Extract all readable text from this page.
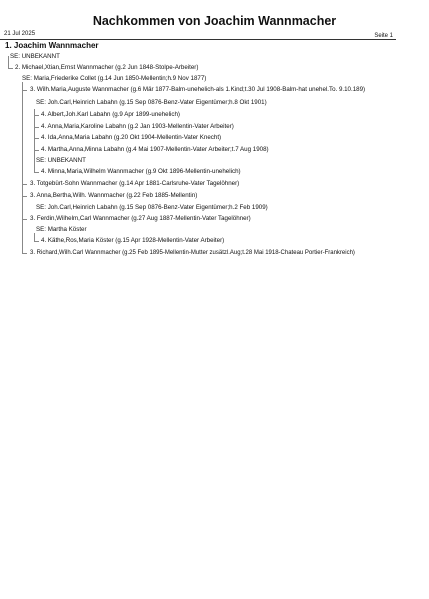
Nachkommen von Joachim Wannmacher
21 Jul 2025	Seite 1
1. Joachim Wannmacher
SE: UNBEKANNT
2. Michael,Xtian,Ernst Wannmacher (g.2 Jun 1848-Stolpe-Arbeiter)
SE: Maria,Friederike Collet (g.14 Jun 1850-Mellentin;h.9 Nov 1877)
3. Wilh.Maria,Auguste Wannmacher (g.6 Mär 1877-Balm-unehelich-als 1.Kind;t.30 Jul 1908-Balm-hat unehel.To. 9.10.189)
SE: Joh.Carl,Heinrich Labahn (g.15 Sep 0876-Benz-Vater Eigentümer;h.8 Okt 1901)
4. Albert,Joh.Karl Labahn (g.9 Apr 1899-unehelich)
4. Anna,Maria,Karoline Labahn (g.2 Jan 1903-Mellentin-Vater Arbeiter)
4. Ida,Anna,Maria Labahn (g.20 Okt 1904-Mellentin-Vater Knecht)
4. Martha,Anna,Minna Labahn (g.4 Mai 1907-Mellentin-Vater Arbeiter;t.7 Aug 1908)
SE: UNBEKANNT
4. Minna,Maria,Wilhelm Wannmacher (g.9 Okt 1896-Mellentin-unehelich)
3. Totgebürt-Sohn Wannmacher (g.14 Apr 1881-Carlsruhe-Vater Tagelöhner)
3. Anna,Bertha,Wilh. Wannmacher (g.22 Feb 1885-Mellentin)
SE: Joh.Carl,Heinrich Labahn (g.15 Sep 0876-Benz-Vater Eigentümer;h.2 Feb 1909)
3. Ferdin,Wilhelm,Carl Wannmacher (g.27 Aug 1887-Mellentin-Vater Tagelöhner)
SE: Martha Köster
4. Käthe,Ros,Maria Köster (g.15 Apr 1928-Mellentin-Vater Arbeiter)
3. Richard,Wilh.Carl Wannmacher (g.25 Feb 1895-Mellentin-Mutter zusätzl.Aug;t.28 Mai 1918-Chateau Portier-Frankreich)
